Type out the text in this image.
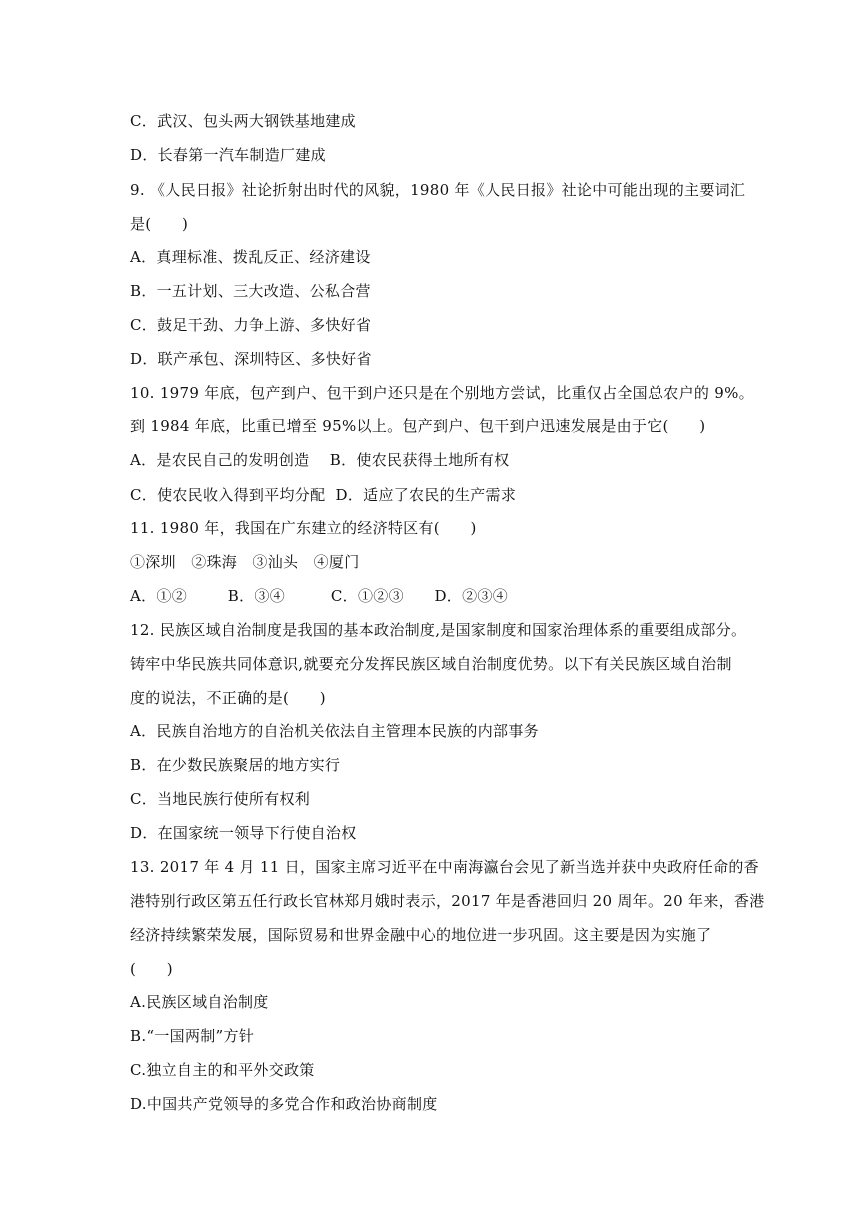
C．武汉、包头两大钢铁基地建成
D．长春第一汽车制造厂建成
9. 《人民日报》社论折射出时代的风貌，1980 年《人民日报》社论中可能出现的主要词汇
是(　　)
A．真理标准、拨乱反正、经济建设
B．一五计划、三大改造、公私合营
C．鼓足干劲、力争上游、多快好省
D．联产承包、深圳特区、多快好省
10. 1979 年底，包产到户、包干到户还只是在个别地方尝试，比重仅占全国总农户的 9%。
到 1984 年底，比重已增至 95%以上。包产到户、包干到户迅速发展是由于它(　　)
A．是农民自己的发明创造　 B．使农民获得土地所有权
C．使农民收入得到平均分配  D．适应了农民的生产需求
11. 1980 年，我国在广东建立的经济特区有(　　)
①深圳　②珠海　③汕头　④厦门
A．①②　　  B．③④　　　C．①②③　　D．②③④
12. 民族区域自治制度是我国的基本政治制度,是国家制度和国家治理体系的重要组成部分。
铸牢中华民族共同体意识,就要充分发挥民族区域自治制度优势。以下有关民族区域自治制
度的说法，不正确的是(　　)
A．民族自治地方的自治机关依法自主管理本民族的内部事务
B．在少数民族聚居的地方实行
C．当地民族行使所有权利
D．在国家统一领导下行使自治权
13. 2017 年 4 月 11 日，国家主席习近平在中南海瀛台会见了新当选并获中央政府任命的香
港特别行政区第五任行政长官林郑月娥时表示，2017 年是香港回归 20 周年。20 年来，香港
经济持续繁荣发展，国际贸易和世界金融中心的地位进一步巩固。这主要是因为实施了
(　　)
A.民族区域自治制度
B.“一国两制”方针
C.独立自主的和平外交政策
D.中国共产党领导的多党合作和政治协商制度
